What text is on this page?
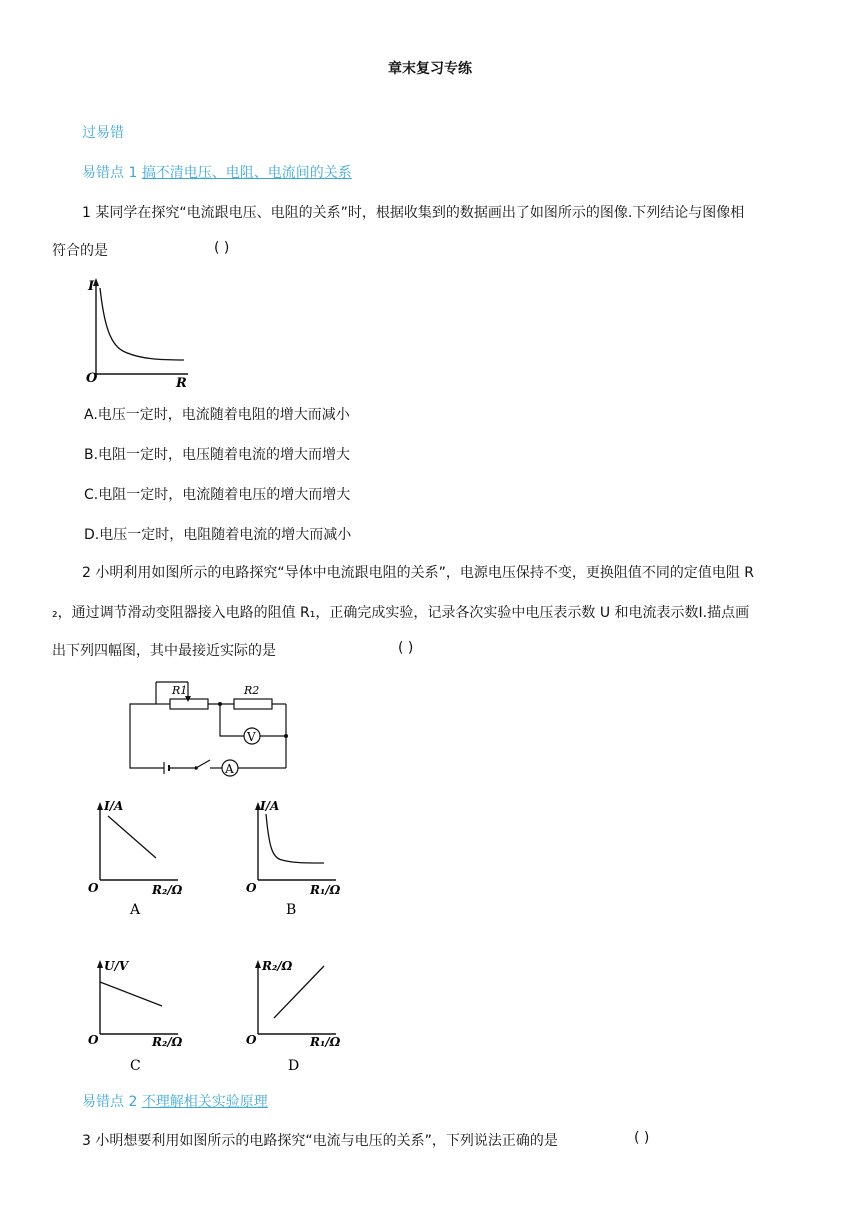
章末复习专练
过易错
易错点 1 搞不清电压、电阻、电流间的关系
1 某同学在探究“电流跟电压、电阻的关系”时，根据收集到的数据画出了如图所示的图像.下列结论与图像相
符合的是	( )
I
R
O
A.电压一定时，电流随着电阻的增大而减小
B.电阻一定时，电压随着电流的增大而增大
C.电阻一定时，电流随着电压的增大而增大
D.电压一定时，电阻随着电流的增大而减小
2 小明利用如图所示的电路探究“导体中电流跟电阻的关系”，电源电压保持不变，更换阻值不同的定值电阻 R
₂，通过调节滑动变阻器接入电路的阻值 R₁，正确完成实验，记录各次实验中电压表示数 U 和电流表示数I.描点画
出下列四幅图，其中最接近实际的是	( )
A
R1	R2
V
I/A
R₂/Ω
O
A
I/A
R₁/Ω
O
B
U/V
R₂/Ω
O
C
R₂/Ω
R₁/Ω
O
D
易错点 2 不理解相关实验原理
3 小明想要利用如图所示的电路探究“电流与电压的关系”，下列说法正确的是	( )
